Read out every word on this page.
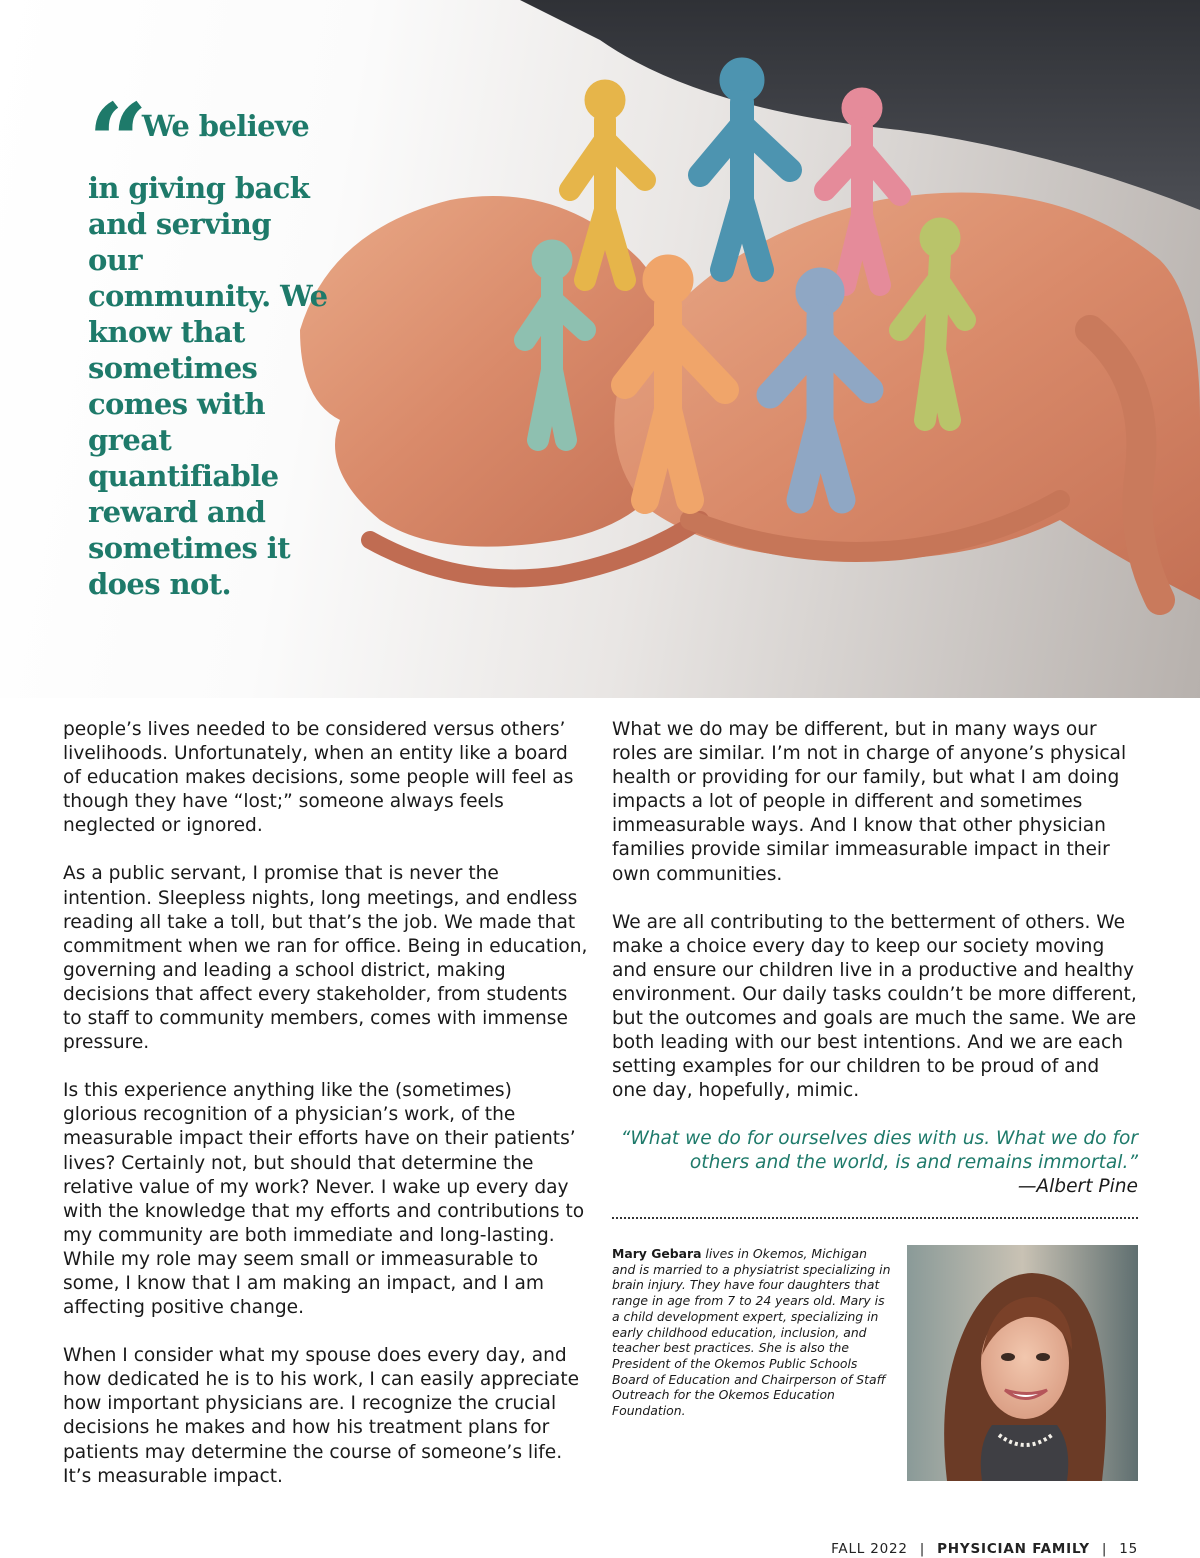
“ We believe in giving back and serving our community. We know that sometimes comes with great quantifiable reward and sometimes it does not.

people’s lives needed to be considered versus others’ livelihoods. Unfortunately, when an entity like a board of education makes decisions, some people will feel as though they have “lost;” someone always feels neglected or ignored.

As a public servant, I promise that is never the intention. Sleepless nights, long meetings, and endless reading all take a toll, but that’s the job. We made that commitment when we ran for office. Being in education, governing and leading a school district, making decisions that affect every stakeholder, from students to staff to community members, comes with immense pressure.

Is this experience anything like the (sometimes) glorious recognition of a physician’s work, of the measurable impact their efforts have on their patients’ lives? Certainly not, but should that determine the relative value of my work? Never. I wake up every day with the knowledge that my efforts and contributions to my community are both immediate and long-lasting. While my role may seem small or immeasurable to some, I know that I am making an impact, and I am affecting positive change.

When I consider what my spouse does every day, and how dedicated he is to his work, I can easily appreciate how important physicians are. I recognize the crucial decisions he makes and how his treatment plans for patients may determine the course of someone’s life. It’s measurable impact.

What we do may be different, but in many ways our roles are similar. I’m not in charge of anyone’s physical health or providing for our family, but what I am doing impacts a lot of people in different and sometimes immeasurable ways. And I know that other physician families provide similar immeasurable impact in their own communities.

We are all contributing to the betterment of others. We make a choice every day to keep our society moving and ensure our children live in a productive and healthy environment. Our daily tasks couldn’t be more different, but the outcomes and goals are much the same. We are both leading with our best intentions. And we are each setting examples for our children to be proud of and one day, hopefully, mimic.

“What we do for ourselves dies with us. What we do for others and the world, is and remains immortal.”
—Albert Pine
Mary Gebara lives in Okemos, Michigan and is married to a physiatrist specializing in brain injury. They have four daughters that range in age from 7 to 24 years old. Mary is a child development expert, specializing in early childhood education, inclusion, and teacher best practices. She is also the President of the Okemos Public Schools Board of Education and Chairperson of Staff Outreach for the Okemos Education Foundation.
FALL 2022 | PHYSICIAN FAMILY | 15
